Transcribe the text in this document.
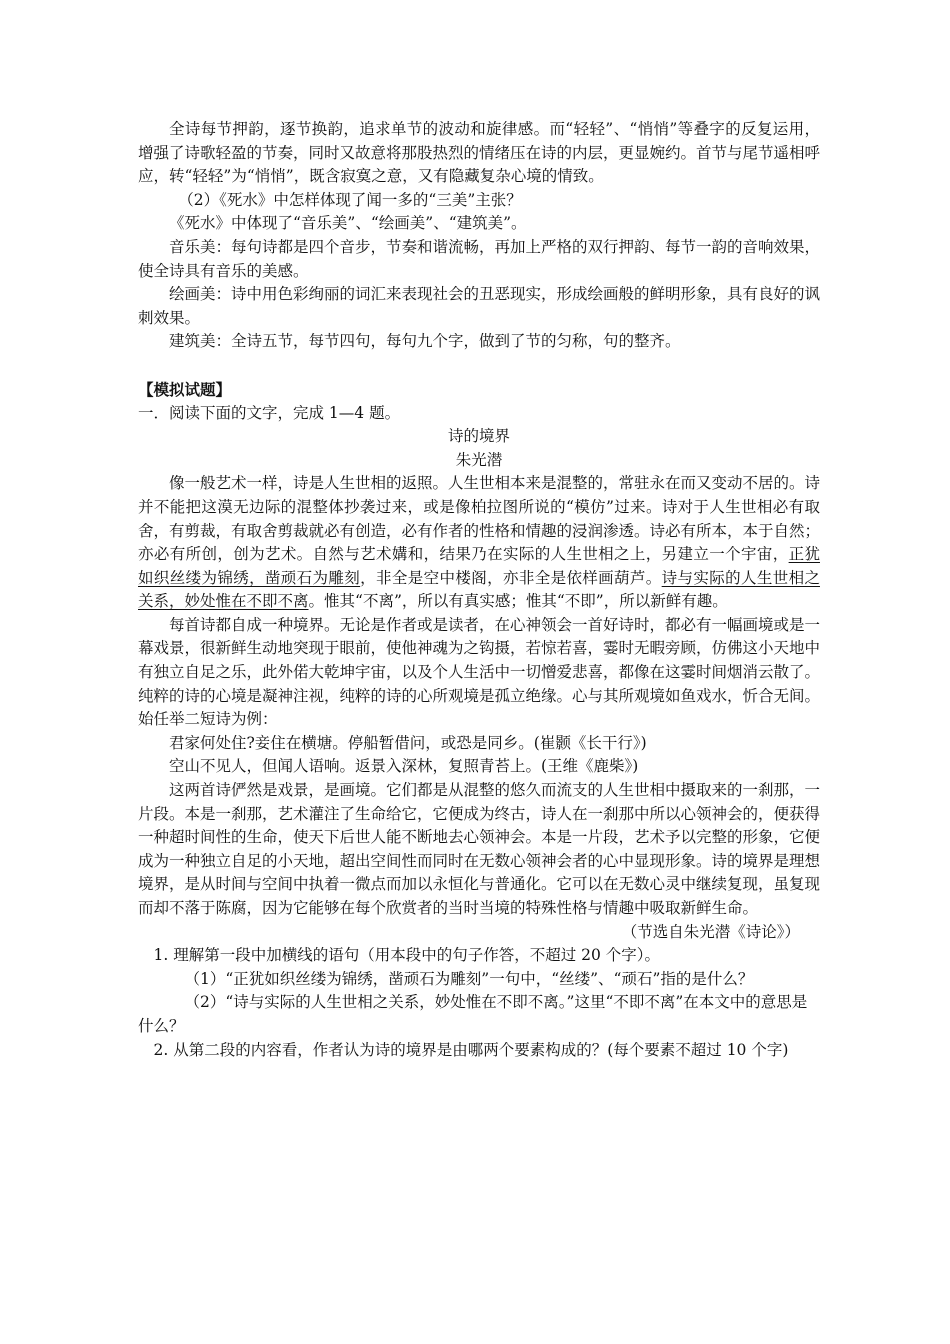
全诗每节押韵，逐节换韵，追求单节的波动和旋律感。而“轻轻”、“悄悄”等叠字的反复运用，增强了诗歌轻盈的节奏，同时又故意将那股热烈的情绪压在诗的内层，更显婉约。首节与尾节遥相呼应，转“轻轻”为“悄悄”，既含寂寞之意，又有隐藏复杂心境的情致。

（2）《死水》中怎样体现了闻一多的“三美”主张？

《死水》中体现了“音乐美”、“绘画美”、“建筑美”。

音乐美：每句诗都是四个音步，节奏和谐流畅，再加上严格的双行押韵、每节一韵的音响效果，使全诗具有音乐的美感。

绘画美：诗中用色彩绚丽的词汇来表现社会的丑恶现实，形成绘画般的鲜明形象，具有良好的讽刺效果。

建筑美：全诗五节，每节四句，每句九个字，做到了节的匀称，句的整齐。

【模拟试题】

一．阅读下面的文字，完成 1—4 题。

诗的境界

朱光潜

像一般艺术一样，诗是人生世相的返照。人生世相本来是混整的，常驻永在而又变动不居的。诗并不能把这漠无边际的混整体抄袭过来，或是像柏拉图所说的“模仿”过来。诗对于人生世相必有取舍，有剪裁，有取舍剪裁就必有创造，必有作者的性格和情趣的浸润渗透。诗必有所本，本于自然；亦必有所创，创为艺术。自然与艺术媾和，结果乃在实际的人生世相之上，另建立一个宇宙，正犹如织丝缕为锦绣，凿顽石为雕刻，非全是空中楼阁，亦非全是依样画葫芦。诗与实际的人生世相之关系，妙处惟在不即不离。惟其“不离”，所以有真实感；惟其“不即”，所以新鲜有趣。

每首诗都自成一种境界。无论是作者或是读者，在心神领会一首好诗时，都必有一幅画境或是一幕戏景，很新鲜生动地突现于眼前，使他神魂为之钩摄，若惊若喜，霎时无暇旁顾，仿佛这小天地中有独立自足之乐，此外偌大乾坤宇宙，以及个人生活中一切憎爱悲喜，都像在这霎时间烟消云散了。纯粹的诗的心境是凝神注视，纯粹的诗的心所观境是孤立绝缘。心与其所观境如鱼戏水，忻合无间。始任举二短诗为例：

君家何处住?妾住在横塘。停船暂借问，或恐是同乡。(崔颢《长干行》)

空山不见人，但闻人语响。返景入深林，复照青苔上。(王维《鹿柴》)

这两首诗俨然是戏景，是画境。它们都是从混整的悠久而流支的人生世相中摄取来的一刹那，一片段。本是一刹那，艺术灌注了生命给它，它便成为终古，诗人在一刹那中所以心领神会的，便获得一种超时间性的生命，使天下后世人能不断地去心领神会。本是一片段，艺术予以完整的形象，它便成为一种独立自足的小天地，超出空间性而同时在无数心领神会者的心中显现形象。诗的境界是理想境界，是从时间与空间中执着一微点而加以永恒化与普通化。它可以在无数心灵中继续复现，虽复现而却不落于陈腐，因为它能够在每个欣赏者的当时当境的特殊性格与情趣中吸取新鲜生命。

（节选自朱光潜《诗论》）

1. 理解第一段中加横线的语句（用本段中的句子作答，不超过 20 个字）。

（1）“正犹如织丝缕为锦绣，凿顽石为雕刻”一句中，“丝缕”、“顽石”指的是什么？

（2）“诗与实际的人生世相之关系，妙处惟在不即不离。”这里“不即不离”在本文中的意思是什么？

2. 从第二段的内容看，作者认为诗的境界是由哪两个要素构成的？(每个要素不超过 10 个字)
